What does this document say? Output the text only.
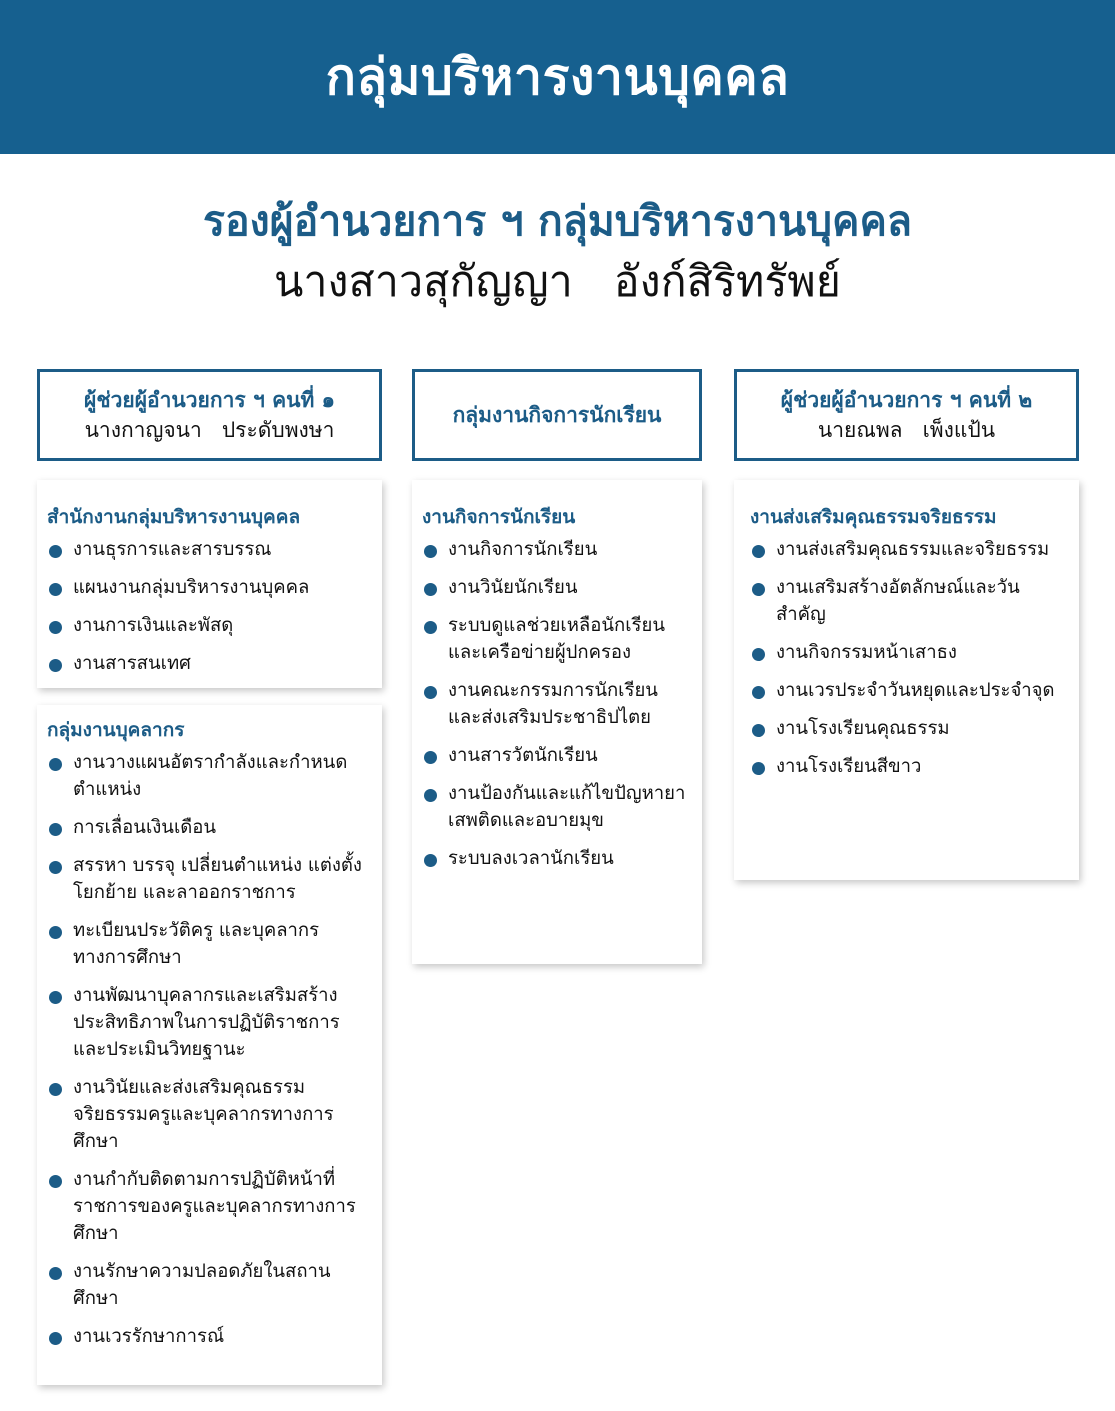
กลุ่มบริหารงานบุคคล
รองผู้อำนวยการ ฯ กลุ่มบริหารงานบุคคล
นางสาวสุกัญญา   อังก์สิริทรัพย์
ผู้ช่วยผู้อำนวยการ ฯ คนที่ ๑
นางกาญจนา   ประดับพงษา
กลุ่มงานกิจการนักเรียน
ผู้ช่วยผู้อำนวยการ ฯ คนที่ ๒
นายณพล   เพ็งแป้น
สำนักงานกลุ่มบริหารงานบุคคล
งานธุรการและสารบรรณ
แผนงานกลุ่มบริหารงานบุคคล
งานการเงินและพัสดุ
งานสารสนเทศ
กลุ่มงานบุคลากร
งานวางแผนอัตรากำลังและกำหนดตำแหน่ง
การเลื่อนเงินเดือน
สรรหา บรรจุ เปลี่ยนตำแหน่ง แต่งตั้ง โยกย้าย และลาออกราชการ
ทะเบียนประวัติครู และบุคลากรทางการศึกษา
งานพัฒนาบุคลากรและเสริมสร้างประสิทธิภาพในการปฏิบัติราชการและประเมินวิทยฐานะ
งานวินัยและส่งเสริมคุณธรรมจริยธรรมครูและบุคลากรทางการศึกษา
งานกำกับติดตามการปฏิบัติหน้าที่ราชการของครูและบุคลากรทางการศึกษา
งานรักษาความปลอดภัยในสถานศึกษา
งานเวรรักษาการณ์
งานกิจการนักเรียน
งานกิจการนักเรียน
งานวินัยนักเรียน
ระบบดูแลช่วยเหลือนักเรียนและเครือข่ายผู้ปกครอง
งานคณะกรรมการนักเรียนและส่งเสริมประชาธิปไตย
งานสารวัตนักเรียน
งานป้องกันและแก้ไขปัญหายาเสพติดและอบายมุข
ระบบลงเวลานักเรียน
งานส่งเสริมคุณธรรมจริยธรรม
งานส่งเสริมคุณธรรมและจริยธรรม
งานเสริมสร้างอัตลักษณ์และวันสำคัญ
งานกิจกรรมหน้าเสาธง
งานเวรประจำวันหยุดและประจำจุด
งานโรงเรียนคุณธรรม
งานโรงเรียนสีขาว
